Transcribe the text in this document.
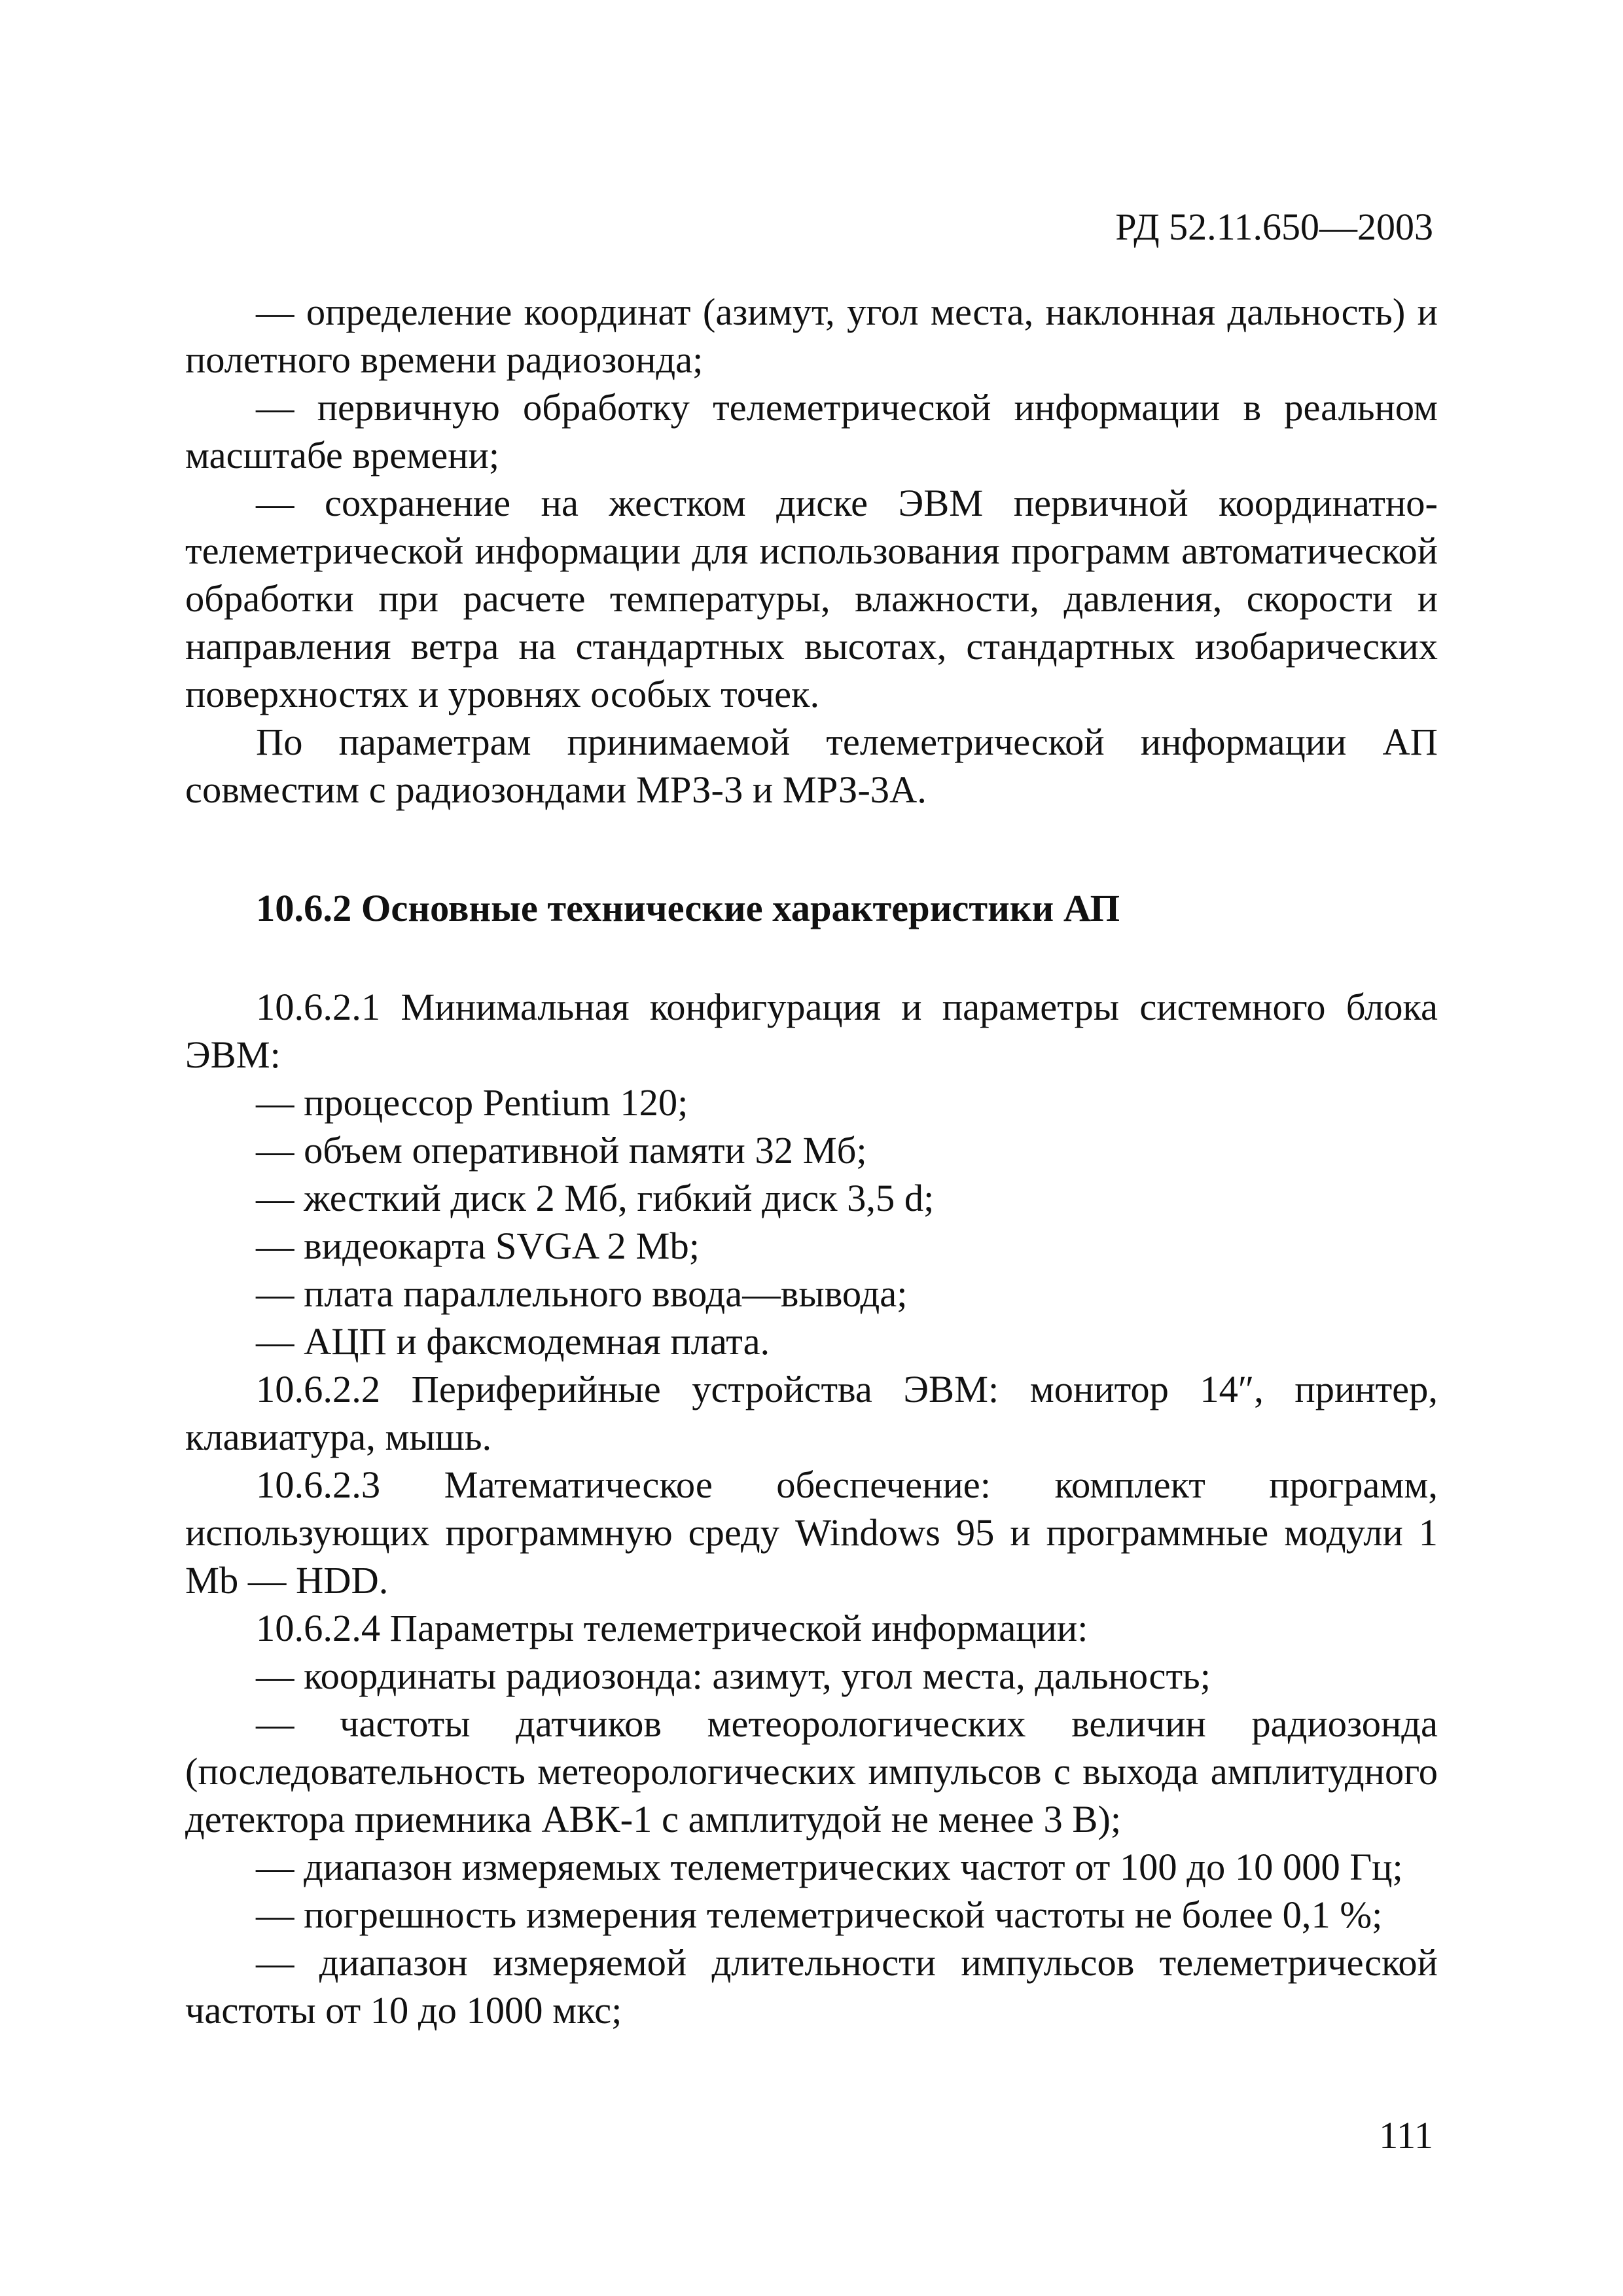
РД 52.11.650—2003

— определение координат (азимут, угол места, наклонная дальность) и полетного времени радиозонда;

— первичную обработку телеметрической информации в реальном масштабе времени;

— сохранение на жестком диске ЭВМ первичной координатно-телеметрической информации для использования программ автоматической обработки при расчете температуры, влажности, давления, скорости и направления ветра на стандартных высотах, стандартных изобарических поверхностях и уровнях особых точек.

По параметрам принимаемой телеметрической информации АП совместим с радиозондами МРЗ-3 и МРЗ-3А.

10.6.2 Основные технические характеристики АП

10.6.2.1 Минимальная конфигурация и параметры системного блока ЭВМ:

— процессор Pentium 120;

— объем оперативной памяти 32 Мб;

— жесткий диск 2 Мб, гибкий диск 3,5 d;

— видеокарта SVGA 2 Mb;

— плата параллельного ввода—вывода;

— АЦП и факсмодемная плата.

10.6.2.2 Периферийные устройства ЭВМ: монитор 14″, принтер, клавиатура, мышь.

10.6.2.3 Математическое обеспечение: комплект программ, использующих программную среду Windows 95 и программные модули 1 Mb — HDD.

10.6.2.4 Параметры телеметрической информации:

— координаты радиозонда: азимут, угол места, дальность;

— частоты датчиков метеорологических величин радиозонда (последовательность метеорологических импульсов с выхода амплитудного детектора приемника АВК-1 с амплитудой не менее 3 В);

— диапазон измеряемых телеметрических частот от 100 до 10 000 Гц;

— погрешность измерения телеметрической частоты не более 0,1 %;

— диапазон измеряемой длительности импульсов телеметрической частоты от 10 до 1000 мкс;

111
